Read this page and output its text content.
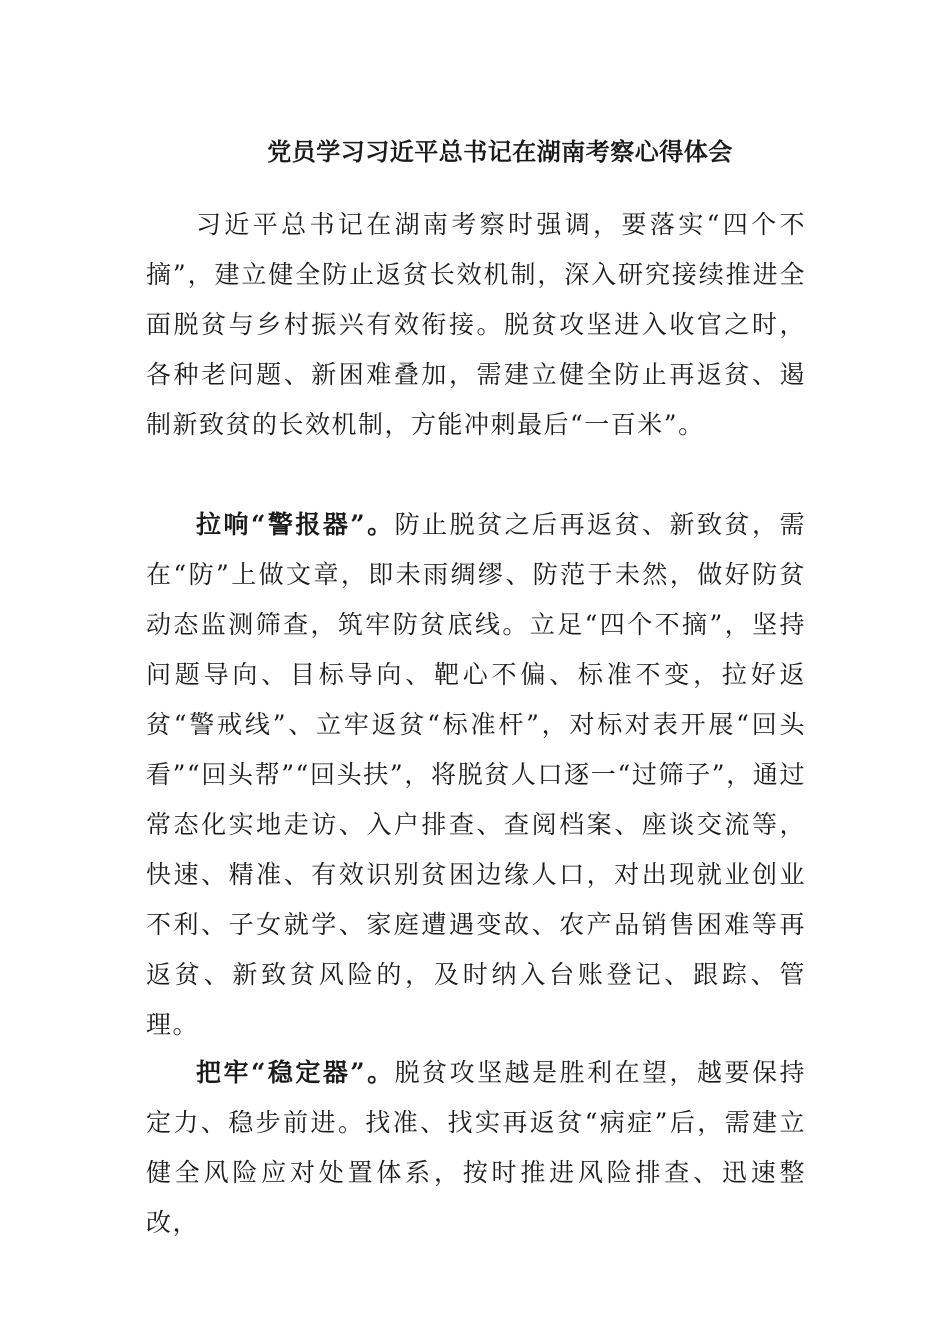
党员学习习近平总书记在湖南考察心得体会

习近平总书记在湖南考察时强调，要落实“四个不摘”，建立健全防止返贫长效机制，深入研究接续推进全面脱贫与乡村振兴有效衔接。脱贫攻坚进入收官之时，各种老问题、新困难叠加，需建立健全防止再返贫、遏制新致贫的长效机制，方能冲刺最后“一百米”。

拉响“警报器”。防止脱贫之后再返贫、新致贫，需在“防”上做文章，即未雨绸缪、防范于未然，做好防贫动态监测筛查，筑牢防贫底线。立足“四个不摘”，坚持问题导向、目标导向、靶心不偏、标准不变，拉好返贫“警戒线”、立牢返贫“标准杆”，对标对表开展“回头看”“回头帮”“回头扶”，将脱贫人口逐一“过筛子”，通过常态化实地走访、入户排查、查阅档案、座谈交流等，快速、精准、有效识别贫困边缘人口，对出现就业创业不利、子女就学、家庭遭遇变故、农产品销售困难等再返贫、新致贫风险的，及时纳入台账登记、跟踪、管理。

把牢“稳定器”。脱贫攻坚越是胜利在望，越要保持定力、稳步前进。找准、找实再返贫“病症”后，需建立健全风险应对处置体系，按时推进风险排查、迅速整改，
